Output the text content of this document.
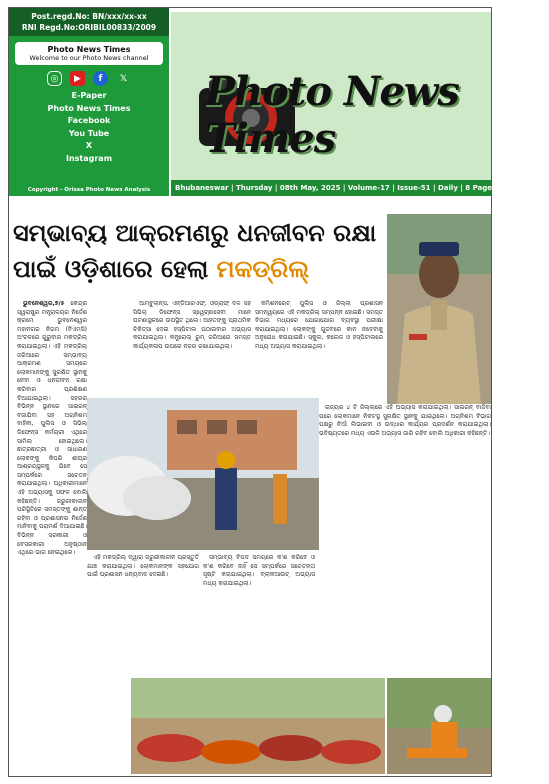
Post.regd.No: BN/xxx/xx-xx
RNI Regd.No:ORIBIL00833/2009
Photo News Times
Welcome to our Photo News channel
◎	▶	f	𝕏
E-Paper
Photo News Times
Facebook
You Tube
X
Instagram
Copyright - Orissa Photo News Analysis
Photo News Times
Bhubaneswar | Thursday | 08th May, 2025 | Volume-17 | Issue-51 | Daily | 8 Pages | Price:Rs.5/-
ସମ୍ଭାବ୍ୟ ଆକ୍ରମଣରୁ ଧନଜୀବନ ରକ୍ଷା
ପାଇଁ ଓଡ଼ିଶାରେ ହେଲା ମକଡ୍ରିଲ୍

ଭୁବନେଶ୍ୱର,୭/୫ କେନ୍ଦ୍ର ସ୍ୱରାଷ୍ଟ୍ର ମନ୍ତ୍ରାଳୟର ନିର୍ଦ୍ଦେଶ କ୍ରମେ ଭୁବନେଶ୍ୱର ମହାନଗର ନିଗମ (ବିଏମସି) ଅଂଚଳରେ ଗୁରୁବାର ମକଡ୍ରିଲ୍ କରାଯାଇଥିଲା। ଏହି ମକଡ୍ରିଲ୍ ଜରିଆରେ ସମ୍ଭାବ୍ୟ ଆକ୍ରମଣ ସମୟରେ ଲୋକମାନଙ୍କୁ ସୁରକ୍ଷିତ ସ୍ଥାନକୁ ନେବା ଓ ଧନଜୀବନ ରକ୍ଷା କରିବାର ପ୍ରଶିକ୍ଷଣ ଦିଆଯାଇଥିଲା। ସହରର ବିଭିନ୍ନ ସ୍ଥାନରେ ସାଇରନ୍ ବଜାଯିବା ସହ ଅଗ୍ନିଶମ ବାହିନୀ, ପୁଲିସ ଓ ସିଭିଲ୍ ଡିଫେନ୍ସ କର୍ମଚାରୀ ଏଥିରେ ସାମିଲ ହୋଇଥିଲେ। ଛାତ୍ରଛାତ୍ରୀ ଓ ସାଧାରଣ ଲୋକଙ୍କୁ କିପରି ଶୀଘ୍ର ଆଶ୍ରୟସ୍ଥଳକୁ ଯିବେ ସେ ସମ୍ପର୍କରେ ସଚେତନ କରାଯାଇଥିଲା। ଅଧିକାରୀମାନେ ଏହି ଅଭ୍ୟାସକୁ ସଫଳ ବୋଲି କହିଛନ୍ତି। ଜରୁରୀକାଳୀନ ପରିସ୍ଥିତିରେ ସମସ୍ତଙ୍କୁ ଶାନ୍ତ ରହିବା ଓ ପ୍ରଶାସନର ନିର୍ଦ୍ଦେଶ ମାନିବାକୁ ପରାମର୍ଶ ଦିଆଯାଇଛି। ବିଭିନ୍ନ ସରକାରୀ ଓ ବେସରକାରୀ ଅନୁଷ୍ଠାନ ଏଥିରେ ଭାଗ ନେଇଥିଲେ।

ଆମ୍ବୁଲାନ୍ସ, ଏନ୍‌ଡିଆରଏଫ୍, ଓଡ୍ରାଫ୍ ଦଳ ସହ ସିଭିଲ୍ ଡିଫେନ୍ସ ସ୍ୱେଚ୍ଛାସେବୀ ମାନେ ଘଟଣାସ୍ଥଳରେ ଉପସ୍ଥିତ ଥିଲେ। ଆହତଙ୍କୁ ପ୍ରାଥମିକ ଚିକିତ୍ସା ଦେଇ ହସ୍ପିଟାଲ ପଠାଇବାର ଅଭ୍ୟାସ କରାଯାଇଥିଲା। କନ୍ଟ୍ରୋଲ୍ ରୁମ୍ ଜରିଆରେ ସମସ୍ତ କାର୍ଯ୍ୟକଳାପ ଉପରେ ନଜର ରଖାଯାଇଥିଲା।

କମିଶନରେଟ୍ ପୁଲିସ ଓ ଜିଲ୍ଲା ପ୍ରଶାସନ ସମନ୍ୱୟରେ ଏହି ମକଡ୍ରିଲ୍ ସମ୍ପନ୍ନ ହୋଇଛି। ସମସ୍ତ ବିଭାଗ ମଧ୍ୟରେ ଯୋଗାଯୋଗ ବ୍ୟବସ୍ଥା ପରୀକ୍ଷା କରାଯାଇଥିଲା। ଲୋକଙ୍କୁ ଗୁଜବରେ କାନ ନଦେବାକୁ ଅନୁରୋଧ କରାଯାଇଛି। ସ୍କୁଲ, କଲେଜ ଓ ହସ୍ପିଟାଲରେ ମଧ୍ୟ ଅଭ୍ୟାସ କରାଯାଇଥିଲା।

ରାଜ୍ୟର ୪ ଟି ଜିଲ୍ଲାରେ ଏହି ଅଭ୍ୟାସ କରାଯାଇଥିଲା। ସାଇରନ୍ ବାଜିବା ପରେ ଲୋକମାନେ ନିକଟସ୍ଥ ସୁରକ୍ଷିତ ସ୍ଥାନକୁ ଯାଇଥିଲେ। ଅଗ୍ନିଶମ ବିଭାଗ ପକ୍ଷରୁ ନିଆଁ ଲିଭାଇବା ଓ ଉଦ୍ଧାର କାର୍ଯ୍ୟର ପ୍ରଦର୍ଶନ କରାଯାଇଥିଲା। ଭବିଷ୍ୟତରେ ମଧ୍ୟ ଏଭଳି ଅଭ୍ୟାସ ଜାରି ରହିବ ବୋଲି ଅଧିକାରୀ କହିଛନ୍ତି।

ଏହି ମକଡ୍ରିଲ୍ ଦ୍ୱାରା ଜରୁରୀକାଳୀନ ପ୍ରସ୍ତୁତି ଯାଞ୍ଚ କରାଯାଇଥିଲା। ଲୋକମାନଙ୍କ ସହଯୋଗ ପାଇଁ ପ୍ରଶାସନ ଧନ୍ୟବାଦ ଦେଇଛି।

ସମ୍ଭାବ୍ୟ ବିପଦ ସମୟରେ କ'ଣ କରିବେ ଓ କ'ଣ କରିବେ ନାହିଁ ସେ ସମ୍ପର୍କରେ ସଚେତନତା ସୃଷ୍ଟି କରାଯାଇଥିଲା। ବ୍ଲାକଆଉଟ୍ ଅଭ୍ୟାସ ମଧ୍ୟ କରାଯାଇଥିଲା।
